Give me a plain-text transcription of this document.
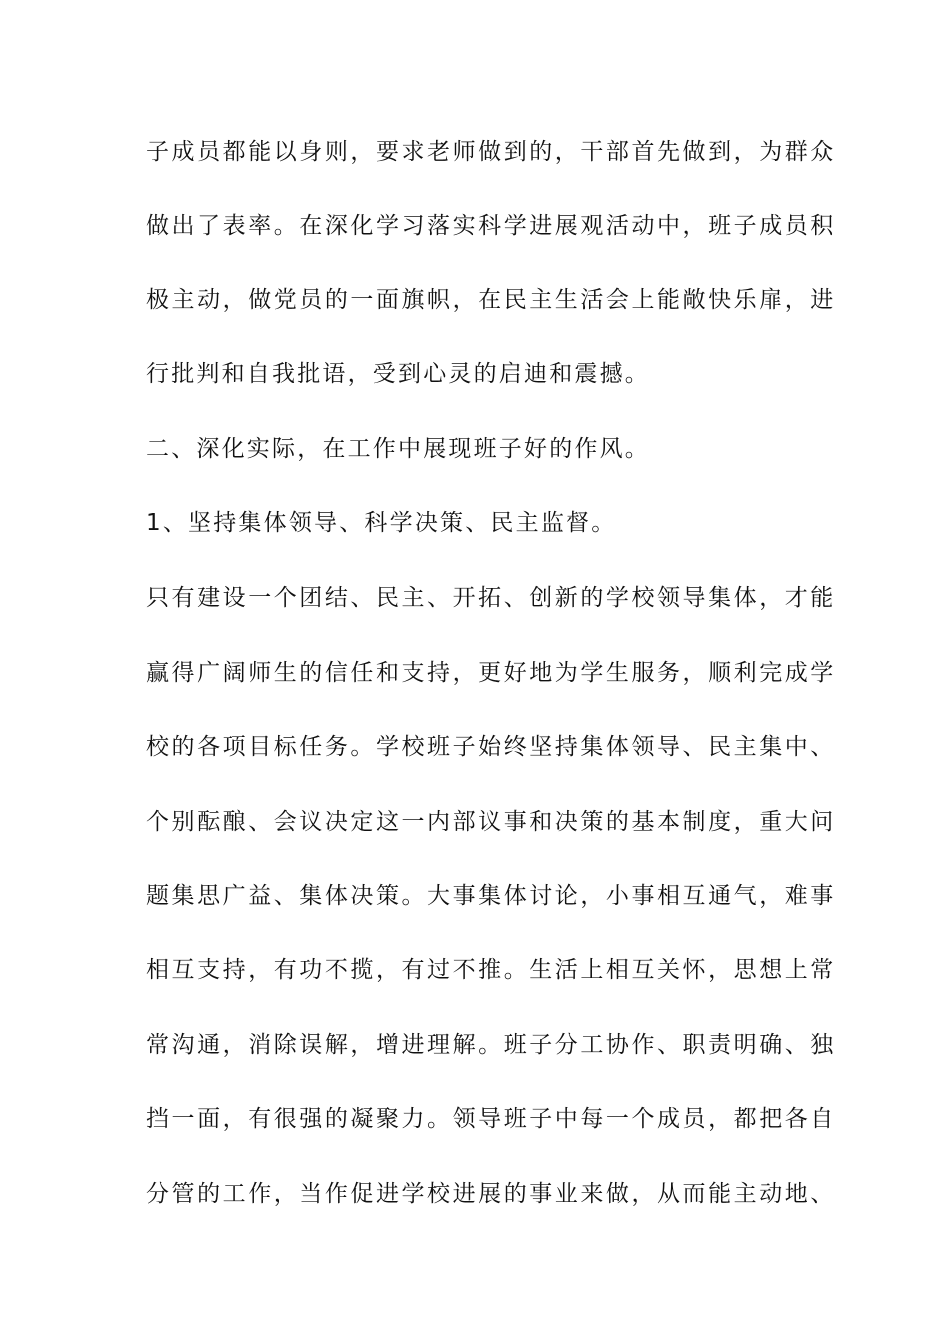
子成员都能以身则，要求老师做到的，干部首先做到，为群众
做出了表率。在深化学习落实科学进展观活动中，班子成员积
极主动，做党员的一面旗帜，在民主生活会上能敞快乐扉，进
行批判和自我批语，受到心灵的启迪和震撼。
二、深化实际，在工作中展现班子好的作风。
1、坚持集体领导、科学决策、民主监督。
只有建设一个团结、民主、开拓、创新的学校领导集体，才能
赢得广阔师生的信任和支持，更好地为学生服务，顺利完成学
校的各项目标任务。学校班子始终坚持集体领导、民主集中、
个别酝酿、会议决定这一内部议事和决策的基本制度，重大问
题集思广益、集体决策。大事集体讨论，小事相互通气，难事
相互支持，有功不揽，有过不推。生活上相互关怀，思想上常
常沟通，消除误解，增进理解。班子分工协作、职责明确、独
挡一面，有很强的凝聚力。领导班子中每一个成员，都把各自
分管的工作，当作促进学校进展的事业来做，从而能主动地、
